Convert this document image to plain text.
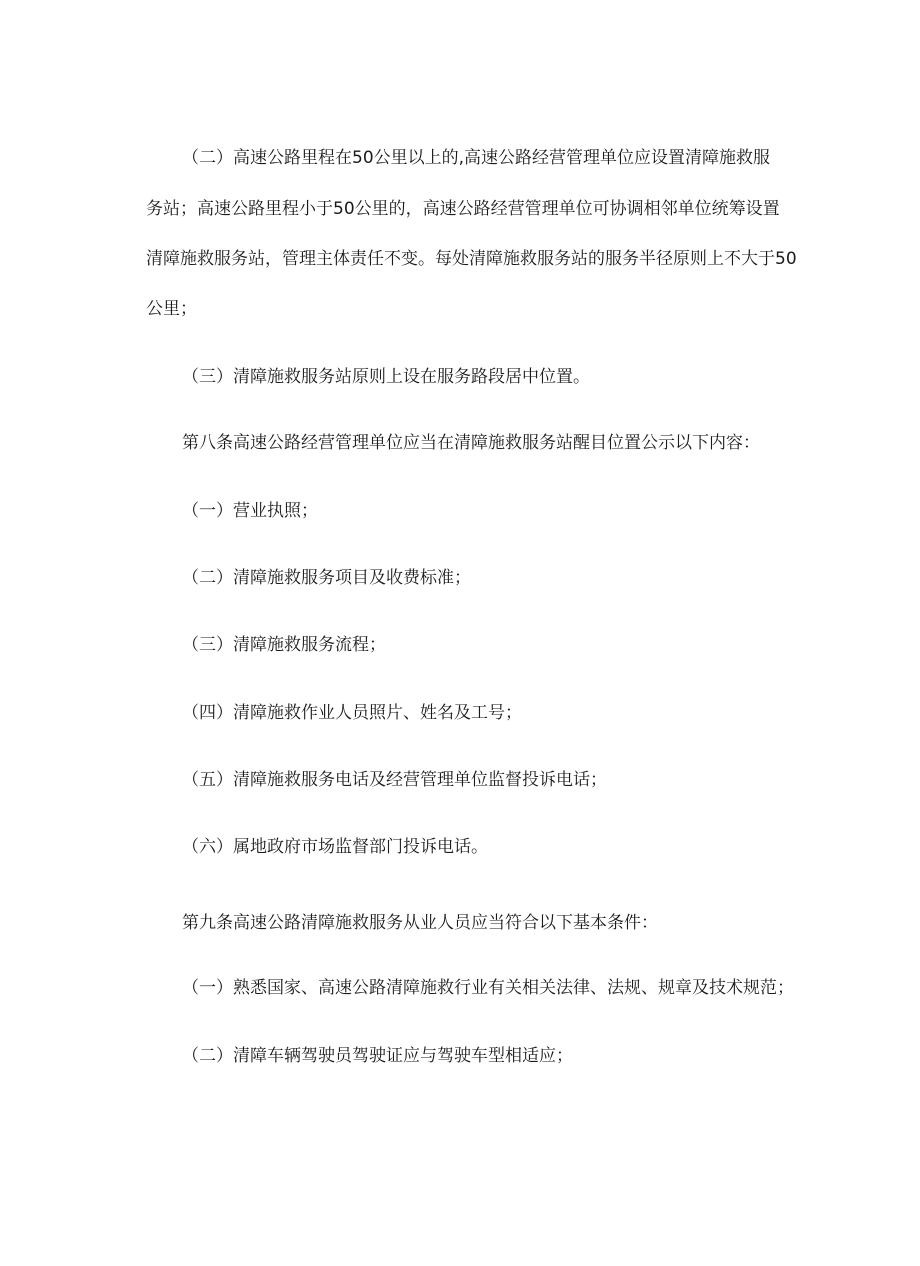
（二）高速公路里程在50公里以上的,高速公路经营管理单位应设置清障施救服

务站；高速公路里程小于50公里的，高速公路经营管理单位可协调相邻单位统筹设置

清障施救服务站，管理主体责任不变。每处清障施救服务站的服务半径原则上不大于50

公里；

（三）清障施救服务站原则上设在服务路段居中位置。

第八条高速公路经营管理单位应当在清障施救服务站醒目位置公示以下内容：

（一）营业执照；

（二）清障施救服务项目及收费标准；

（三）清障施救服务流程；

（四）清障施救作业人员照片、姓名及工号；

（五）清障施救服务电话及经营管理单位监督投诉电话；

（六）属地政府市场监督部门投诉电话。

第九条高速公路清障施救服务从业人员应当符合以下基本条件：

（一）熟悉国家、高速公路清障施救行业有关相关法律、法规、规章及技术规范；

（二）清障车辆驾驶员驾驶证应与驾驶车型相适应；
